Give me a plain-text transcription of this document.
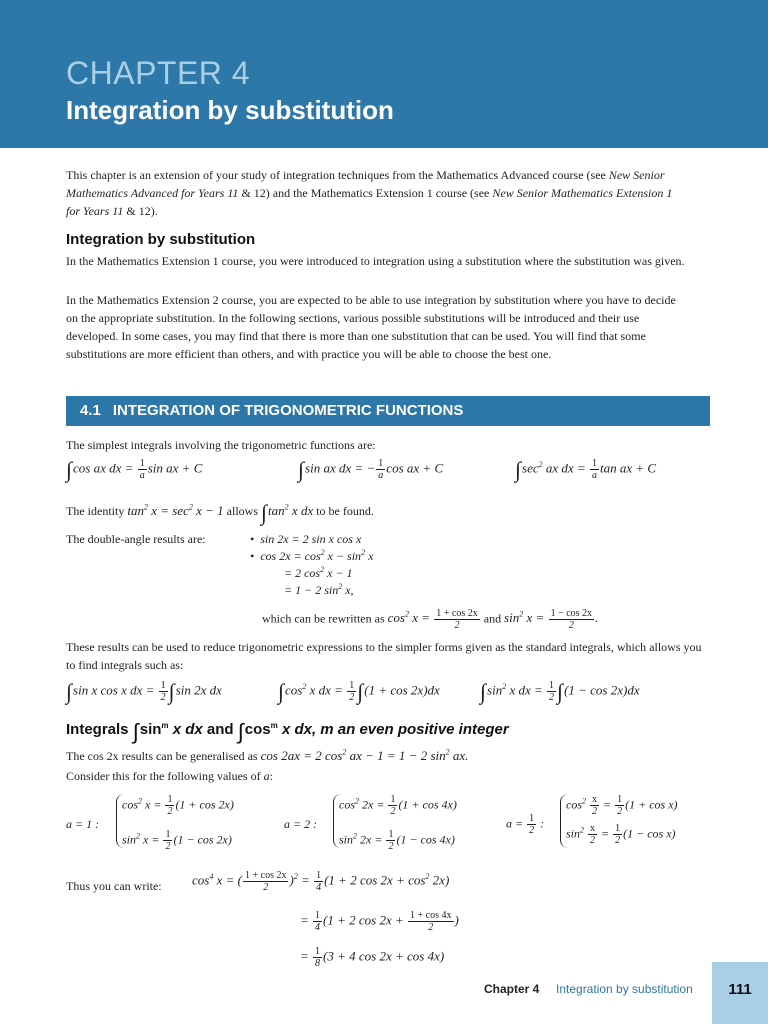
CHAPTER 4
Integration by substitution

This chapter is an extension of your study of integration techniques from the Mathematics Advanced course (see New Senior Mathematics Advanced for Years 11 & 12) and the Mathematics Extension 1 course (see New Senior Mathematics Extension 1 for Years 11 & 12).

Integration by substitution

In the Mathematics Extension 1 course, you were introduced to integration using a substitution where the substitution was given.

In the Mathematics Extension 2 course, you are expected to be able to use integration by substitution where you have to decide on the appropriate substitution. In the following sections, various possible substitutions will be introduced and their use developed. In some cases, you may find that there is more than one substitution that can be used. You will find that some substitutions are more efficient than others, and with practice you will be able to choose the best one.

4.1 INTEGRATION OF TRIGONOMETRIC FUNCTIONS
The simplest integrals involving the trigonometric functions are:
∫cos ax dx = $\frac{1}{a}$ sin ax + C	∫sin ax dx = − $\frac{1}{a}$ cos ax + C	$\int\sec^2$ ax dx = $\frac{1}{a}$ tan ax + C
The identity $\tan^2 x = \sec^2 x - 1$ allows $\int\tan^2$ x dx to be found.
The double-angle results are:	•  sin 2x = 2 sin x cos x
•  $\cos 2x = \cos^2 x - \sin^2 x$
= 2 $\cos^2 x - 1$
= 1 − 2 $\sin^2 x$,
which can be rewritten as $\cos^2 x = \frac{1 + \cos 2x}{2}$ and $\sin^2 x = \frac{1 - \cos 2x}{2}$ .

These results can be used to reduce trigonometric expressions to the simpler forms given as the standard integrals, which allows you to find integrals such as:

∫sin x cos x dx = $\frac{1}{2} \int\sin$ 2x dx	$\int\cos^2$ x dx = $\frac{1}{2} \int(1 + \cos 2x)dx$ $\int\sin^2$ x dx = $\frac{1}{2} \int(1 - \cos 2x)dx$
Integrals $\int\sin^m$ x dx and $\int\cos^m$ x dx, m an even positive integer
The cos 2x results can be generalised as cos 2ax = 2 $\cos^2$ ax − 1 = 1 − 2 $\sin^2$ ax.
Consider this for the following values of a:
a = 1 :
$\cos^2 x = \frac{1}{2} (1 + \cos 2x)$
$\sin^2 x = \frac{1}{2} (1 - \cos 2x)$
a = 2 :
$\cos^2 2x = \frac{1}{2} (1 + \cos 4x)$
$\sin^2 2x = \frac{1}{2} (1 - \cos 4x)$
$a = \frac{1}{2}$ :
$\cos^2 \frac{x}{2} = \frac{1}{2} (1 + \cos x)$
$\sin^2 \frac{x}{2} = \frac{1}{2} (1 - \cos x)$
Thus you can write: $\cos^4 x$ = ( $\frac{1 + \cos 2x}{2} )^2 = \frac{1}{4} (1 + 2$ $\cos 2x + \cos^2 2x$)
= $\frac{1}{4} (1 + 2$ $\cos 2x + \frac{1 + \cos 4x}{2}$ )
= $\frac{1}{8} (3 + 4$ cos 2x + cos 4x)
Chapter 4 Integration by substitution	111
